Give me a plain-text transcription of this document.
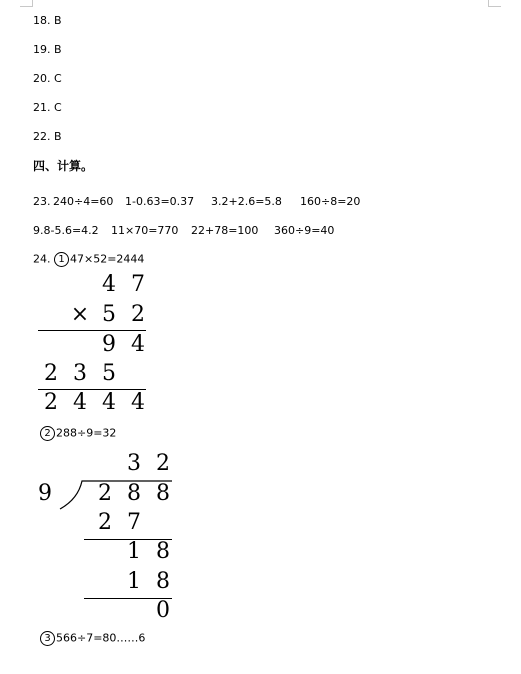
18. B
19. B
20. C
21. C
22. B
四、计算。
23. 240÷4=60 1-0.63=0.37 3.2+2.6=5.8 160÷8=20
9.8-5.6=4.2 11×70=770 22+78=100 360÷9=40
24. 1 47×52=2444
4 7
× 5 2
9 4
2 3 5
2 4 4 4
2 288÷9=32
3 2
9 2 8 8
2 7
1 8
1 8
0
3 566÷7=80……6
